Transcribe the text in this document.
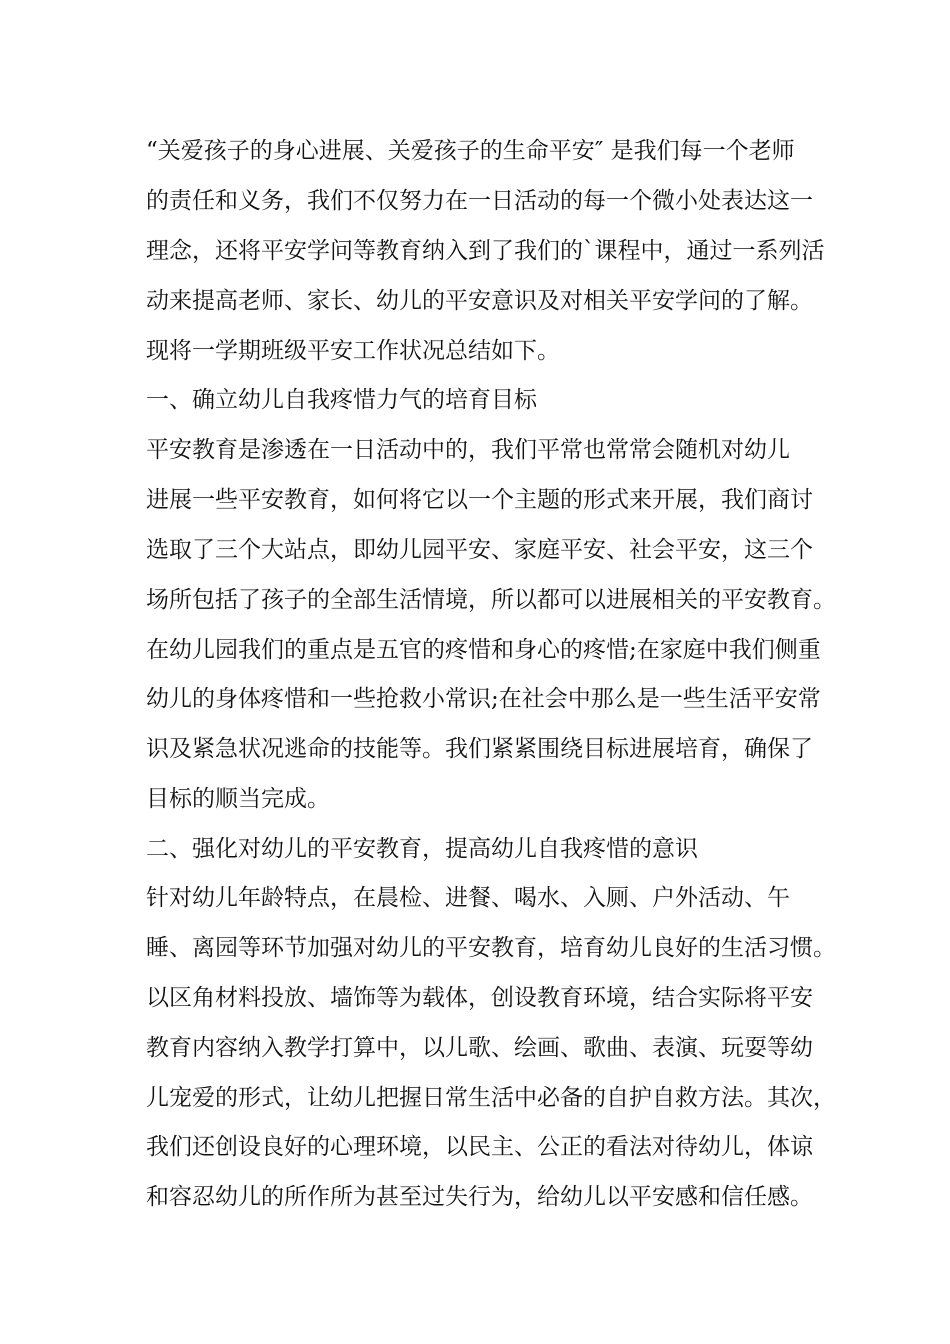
“关爱孩子的身心进展、关爱孩子的生命平安″ 是我们每一个老师
的责任和义务，我们不仅努力在一日活动的每一个微小处表达这一
理念，还将平安学问等教育纳入到了我们的`课程中，通过一系列活
动来提高老师、家长、幼儿的平安意识及对相关平安学问的了解。
现将一学期班级平安工作状况总结如下。
一、确立幼儿自我疼惜力气的培育目标
平安教育是渗透在一日活动中的，我们平常也常常会随机对幼儿
进展一些平安教育，如何将它以一个主题的形式来开展，我们商讨
选取了三个大站点，即幼儿园平安、家庭平安、社会平安，这三个
场所包括了孩子的全部生活情境，所以都可以进展相关的平安教育。
在幼儿园我们的重点是五官的疼惜和身心的疼惜;在家庭中我们侧重
幼儿的身体疼惜和一些抢救小常识;在社会中那么是一些生活平安常
识及紧急状况逃命的技能等。我们紧紧围绕目标进展培育，确保了
目标的顺当完成。
二、强化对幼儿的平安教育，提高幼儿自我疼惜的意识
针对幼儿年龄特点，在晨检、进餐、喝水、入厕、户外活动、午
睡、离园等环节加强对幼儿的平安教育，培育幼儿良好的生活习惯。
以区角材料投放、墙饰等为载体，创设教育环境，结合实际将平安
教育内容纳入教学打算中，以儿歌、绘画、歌曲、表演、玩耍等幼
儿宠爱的形式，让幼儿把握日常生活中必备的自护自救方法。其次，
我们还创设良好的心理环境，以民主、公正的看法对待幼儿，体谅
和容忍幼儿的所作所为甚至过失行为，给幼儿以平安感和信任感。
